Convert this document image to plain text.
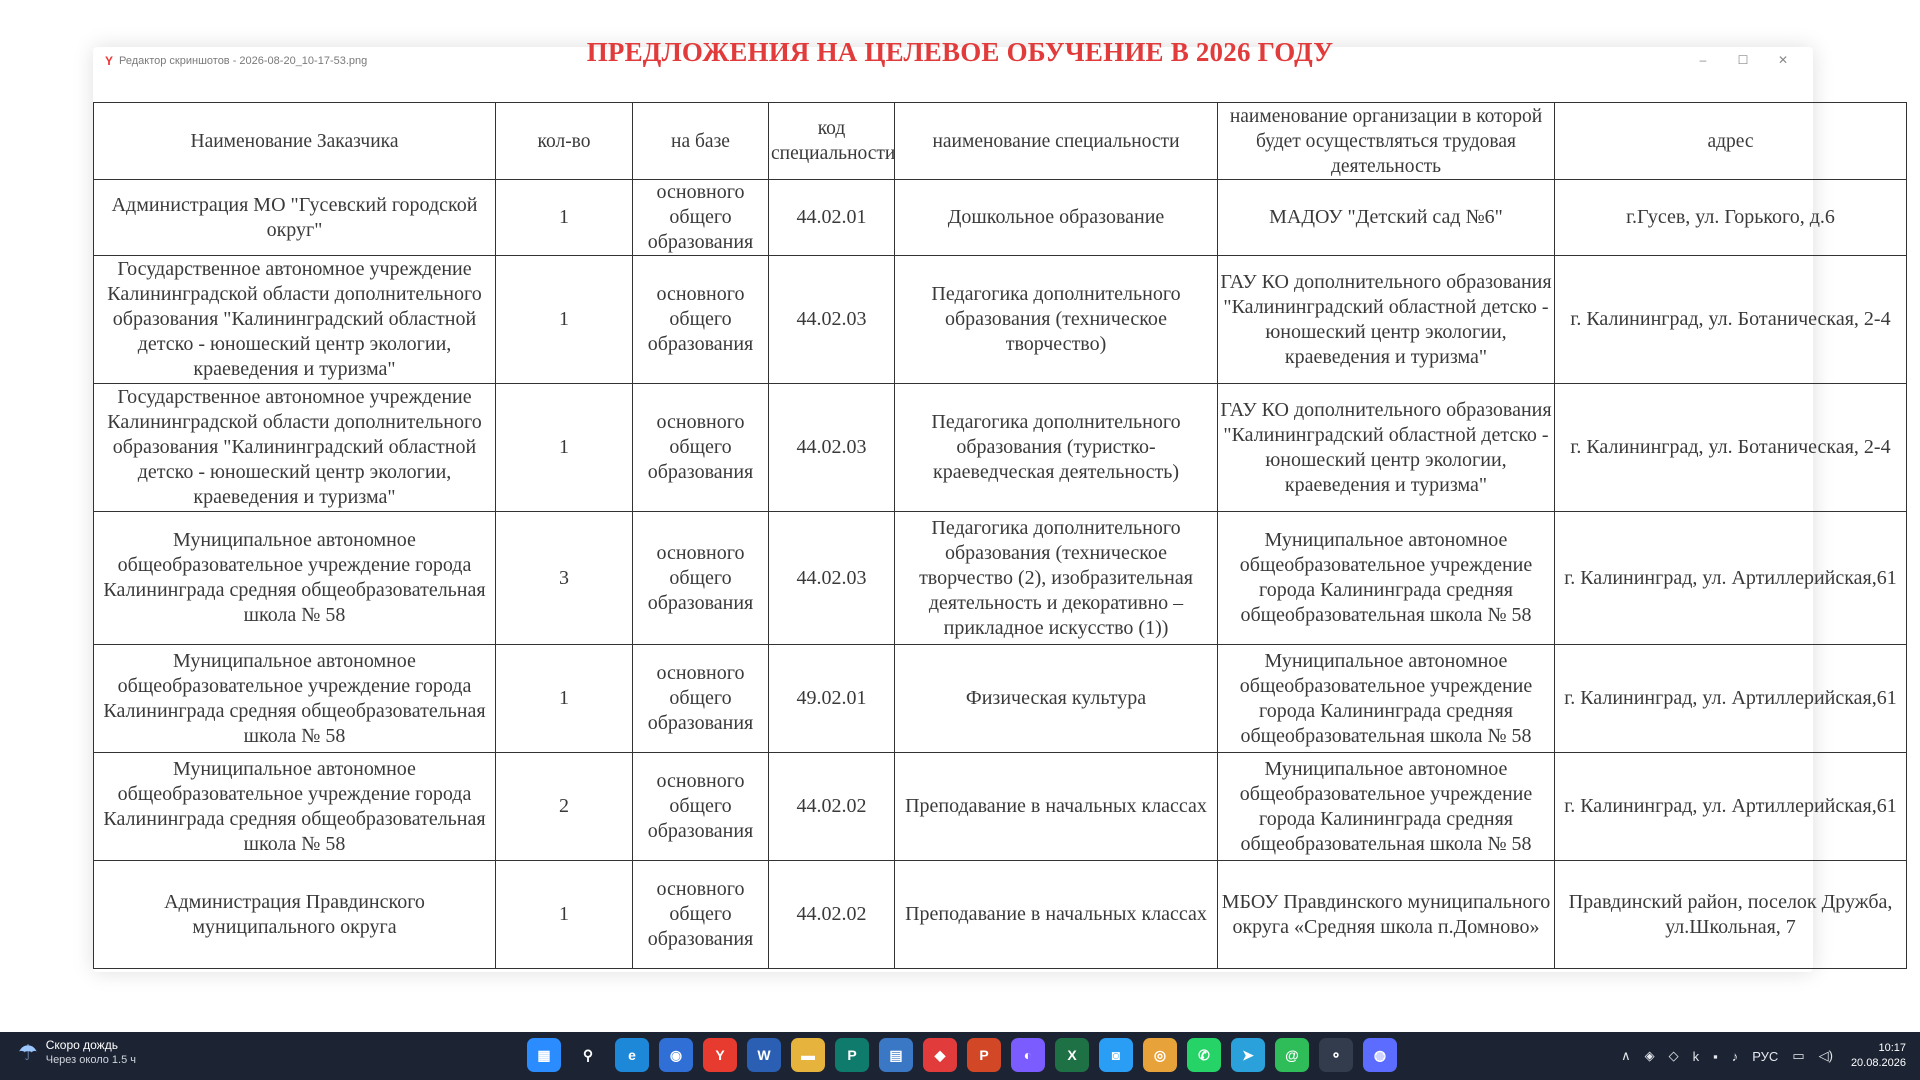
Y Редактор скриншотов - 2026-08-20_10-17-53.png	–	☐	✕
ПРЕДЛОЖЕНИЯ НА ЦЕЛЕВОЕ ОБУЧЕНИЕ В 2026 ГОДУ
Наименование Заказчика	кол-во	на базе	код специальности	наименование специальности	наименование организации в которой будет осуществляться трудовая деятельность	адрес
Администрация МО "Гусевский городской округ"	1	основного общего образования	44.02.01	Дошкольное образование	МАДОУ "Детский сад №6"	г.Гусев, ул. Горького, д.6
Государственное автономное учреждение Калининградской области дополнительного образования "Калининградский областной детско - юношеский центр экологии, краеведения и туризма"	1	основного общего образования	44.02.03	Педагогика дополнительного образования (техническое творчество)	ГАУ КО дополнительного образования "Калининградский областной детско - юношеский центр экологии, краеведения и туризма"	г. Калининград, ул. Ботаническая, 2-4
Государственное автономное учреждение Калининградской области дополнительного образования "Калининградский областной детско - юношеский центр экологии, краеведения и туризма"	1	основного общего образования	44.02.03	Педагогика дополнительного образования (туристко-краеведческая деятельность)	ГАУ КО дополнительного образования "Калининградский областной детско - юношеский центр экологии, краеведения и туризма"	г. Калининград, ул. Ботаническая, 2-4
Муниципальное автономное общеобразовательное учреждение города Калининграда средняя общеобразовательная школа № 58	3	основного общего образования	44.02.03	Педагогика дополнительного образования (техническое творчество (2), изобразительная деятельность и декоративно – прикладное искусство (1))	Муниципальное автономное общеобразовательное учреждение города Калининграда средняя общеобразовательная школа № 58	г. Калининград, ул. Артиллерийская,61
Муниципальное автономное общеобразовательное учреждение города Калининграда средняя общеобразовательная школа № 58	1	основного общего образования	49.02.01	Физическая культура	Муниципальное автономное общеобразовательное учреждение города Калининграда средняя общеобразовательная школа № 58	г. Калининград, ул. Артиллерийская,61
Муниципальное автономное общеобразовательное учреждение города Калининграда средняя общеобразовательная школа № 58	2	основного общего образования	44.02.02	Преподавание в начальных классах	Муниципальное автономное общеобразовательное учреждение города Калининграда средняя общеобразовательная школа № 58	г. Калининград, ул. Артиллерийская,61
Администрация Правдинского муниципального округа	1	основного общего образования	44.02.02	Преподавание в начальных классах	МБОУ Правдинского муниципального округа «Средняя школа п.Домново»	Правдинский район, поселок Дружба, ул.Школьная, 7
☂ Скоро дождь
Через около 1.5 ч	▦	⚲	e	◉	Y	W	▬	P	▤	◆	P	◐	X	◙	◎	✆	➤	@	⚬	◍	∧ ◈ ◇ k ▪ ♪ РУС ▭ ◁)	10:17
20.08.2026
